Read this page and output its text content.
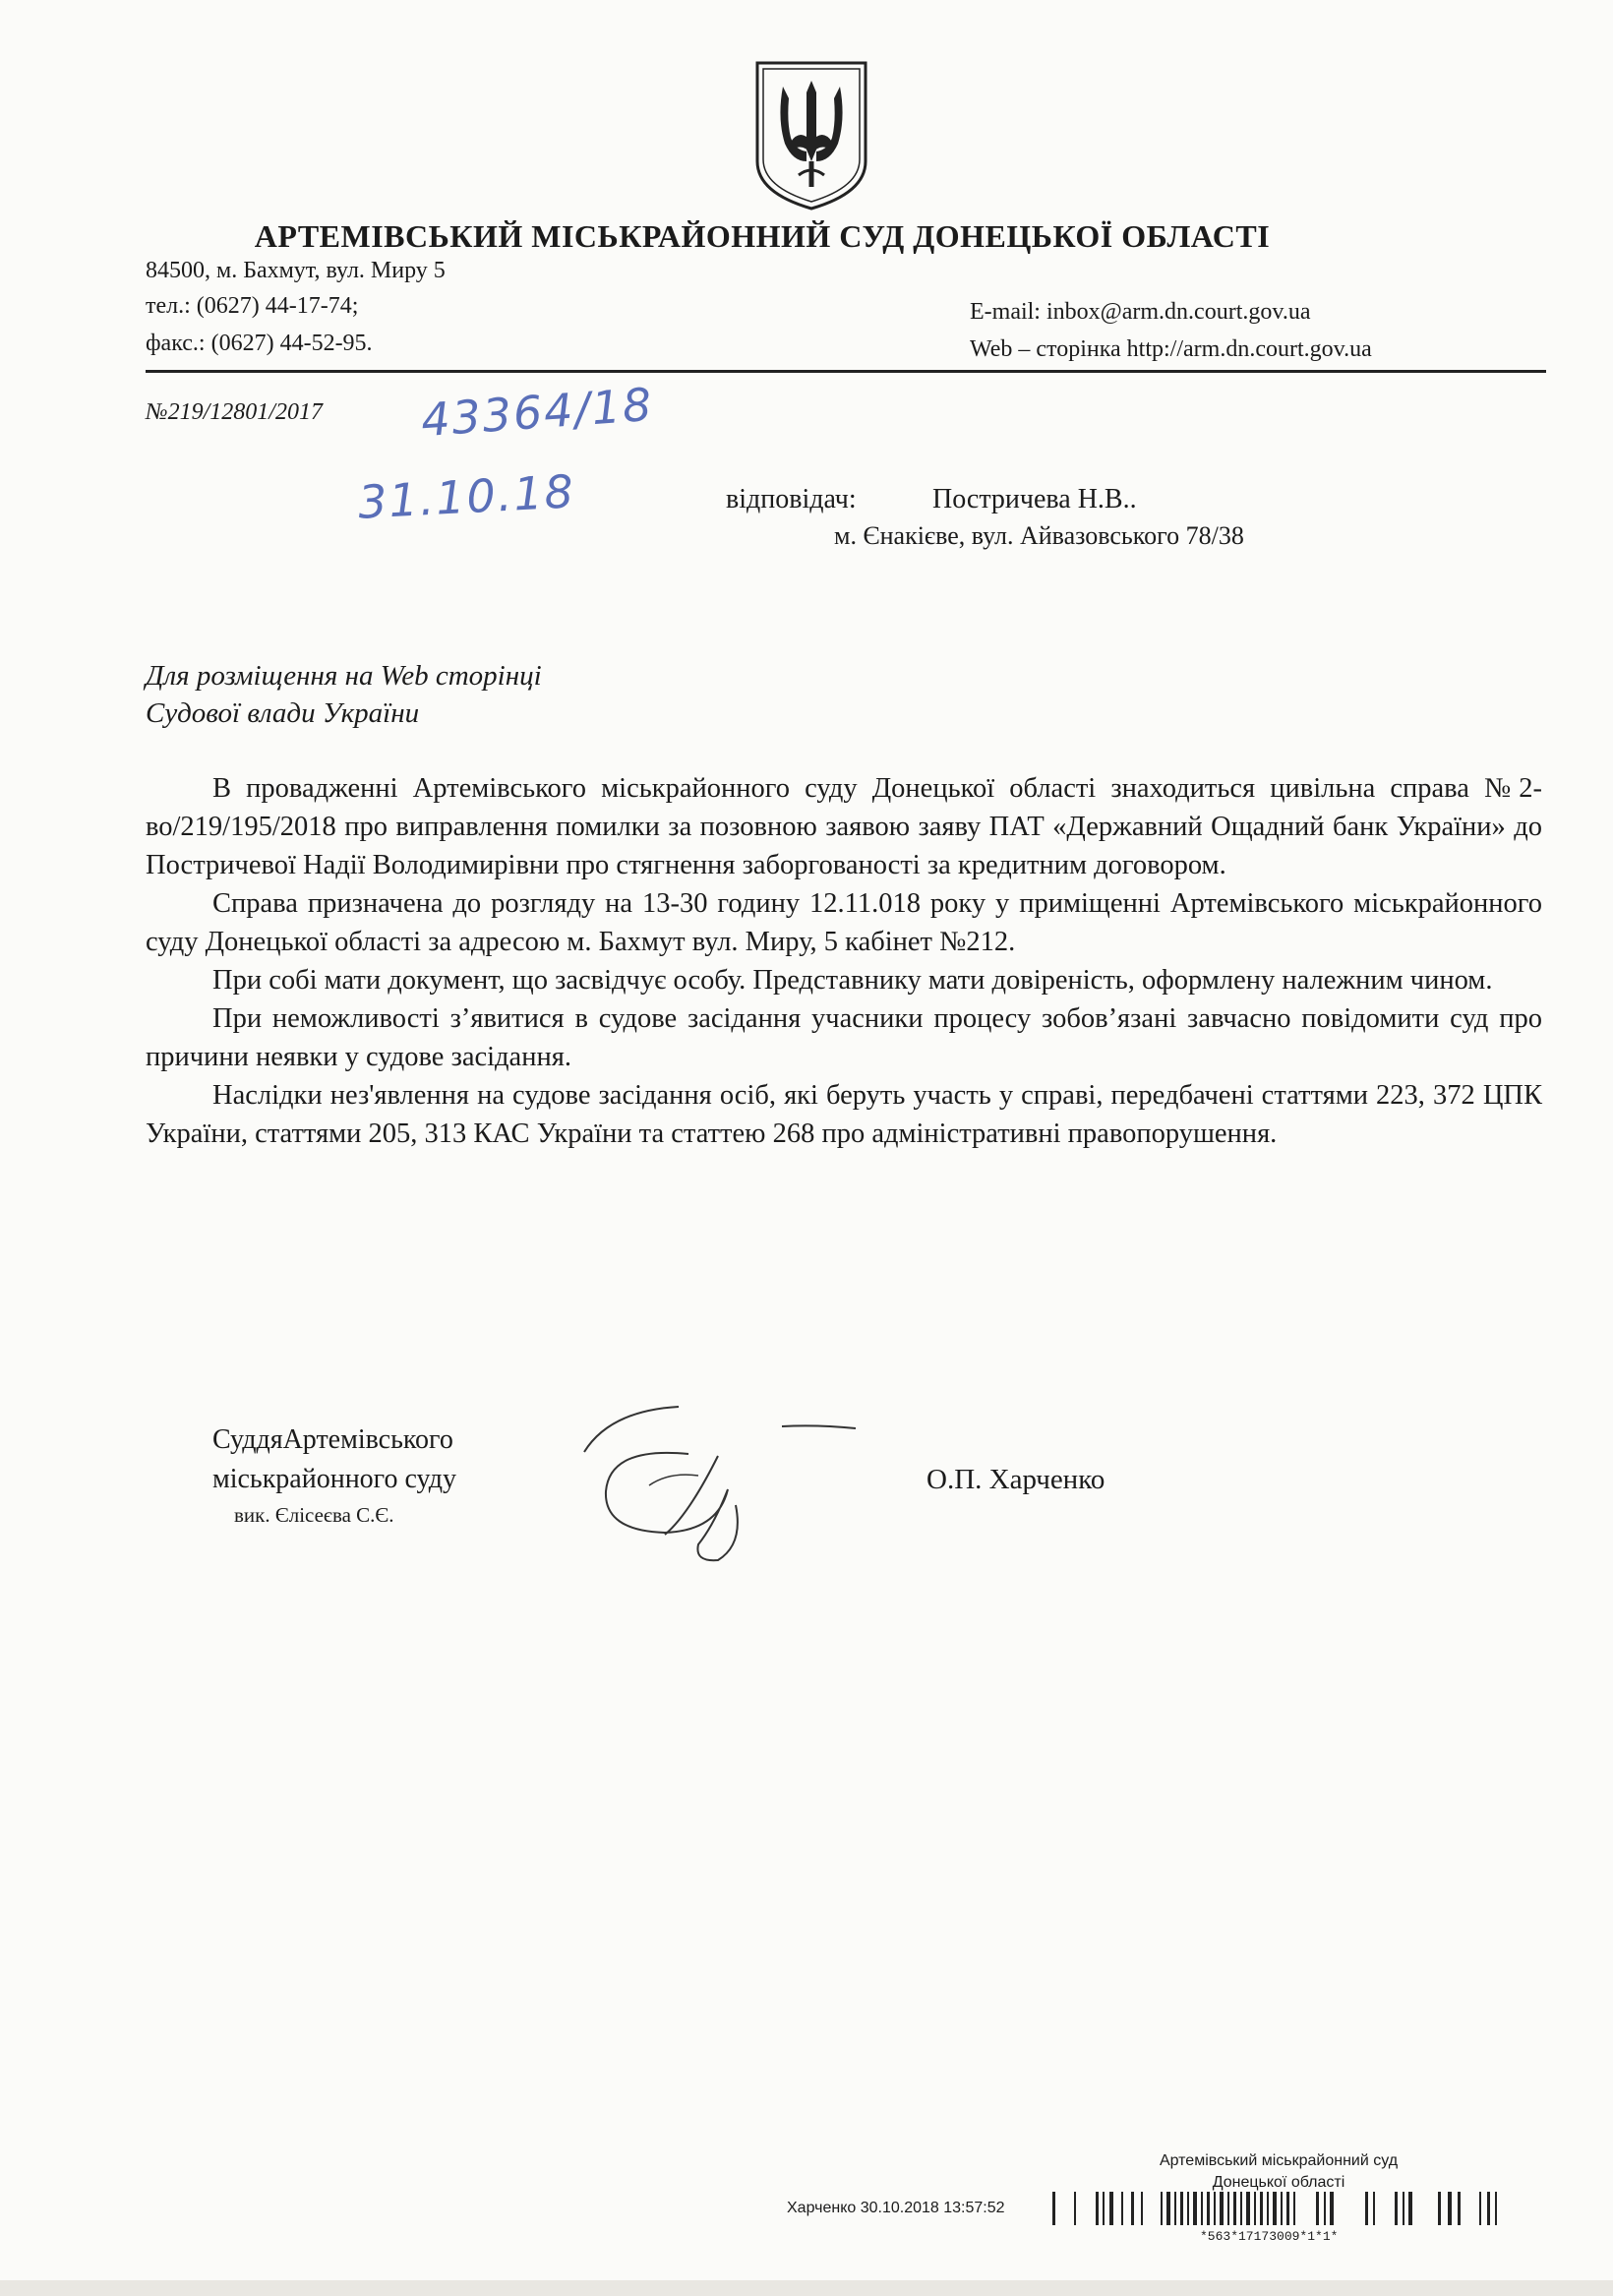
АРТЕМІВСЬКИЙ МІСЬКРАЙОННИЙ СУД ДОНЕЦЬКОЇ ОБЛАСТІ
84500, м. Бахмут, вул. Миру 5
тел.: (0627) 44-17-74;
факс.: (0627) 44-52-95.
E-mail: inbox@arm.dn.court.gov.ua
Web – сторінка http://arm.dn.court.gov.ua
№219/12801/2017 43364/18
31.10.18	відповідач:	Постричева Н.В..
м. Єнакієве, вул. Айвазовського 78/38
Для розміщення на Web сторінці
Судової влади України

В провадженні Артемівського міськрайонного суду Донецької області знаходиться цивільна справа №2-во/219/195/2018 про виправлення помилки за позовною заявою заяву ПАТ «Державний Ощадний банк України» до Постричевої Надії Володимирівни про стягнення заборгованості за кредитним договором.

Справа призначена до розгляду на 13-30 годину 12.11.018 року у приміщенні Артемівського міськрайонного суду Донецької області за адресою м. Бахмут вул. Миру, 5 кабінет №212.

При собі мати документ, що засвідчує особу. Представнику мати довіреність, оформлену належним чином.

При неможливості з’явитися в судове засідання учасники процесу зобов’язані завчасно повідомити суд про причини неявки у судове засідання.

Наслідки нез'явлення на судове засідання осіб, які беруть участь у справі, передбачені статтями 223, 372 ЦПК України, статтями 205, 313 КАС України та статтею 268 про адміністративні правопорушення.

СуддяАртемівського
міськрайонного суду
вик. Єлісеєва С.Є.
О.П. Харченко
Артемівський міськрайонний суд
Донецької області
Харченко 30.10.2018 13:57:52
*563*17173009*1*1*
